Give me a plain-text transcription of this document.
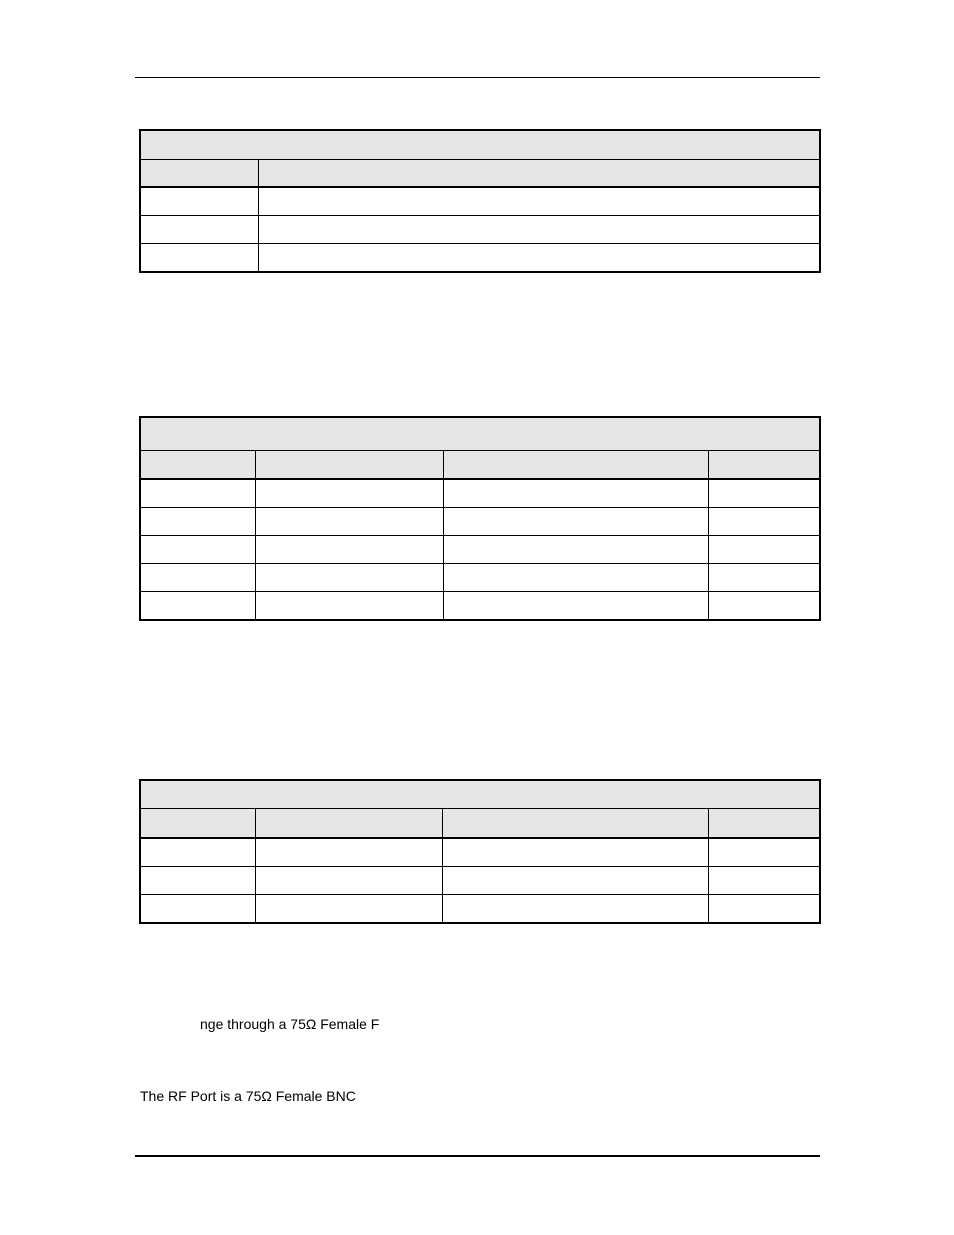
nge through a 75Ω Female F
The RF Port is a 75Ω Female BNC
